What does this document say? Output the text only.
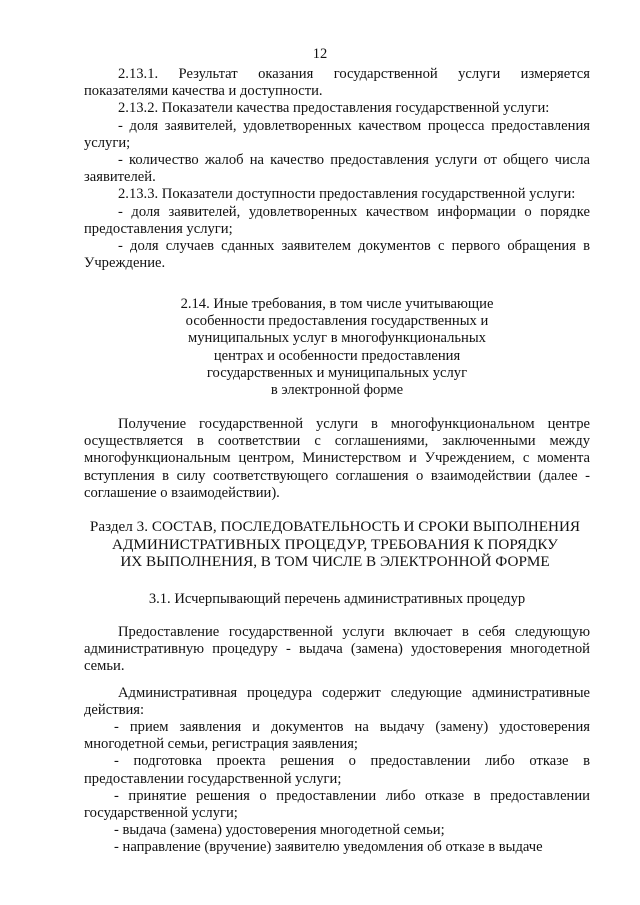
12

2.13.1. Результат оказания государственной услуги измеряется показателями качества и доступности.

2.13.2. Показатели качества предоставления государственной услуги:

- доля заявителей, удовлетворенных качеством процесса предоставления услуги;

- количество жалоб на качество предоставления услуги от общего числа заявителей.

2.13.3. Показатели доступности предоставления государственной услуги:

- доля заявителей, удовлетворенных качеством информации о порядке предоставления услуги;

- доля случаев сданных заявителем документов с первого обращения в Учреждение.

2.14. Иные требования, в том числе учитывающие

особенности предоставления государственных и

муниципальных услуг в многофункциональных

центрах и особенности предоставления

государственных и муниципальных услуг

в электронной форме

Получение государственной услуги в многофункциональном центре осуществляется в соответствии с соглашениями, заключенными между многофункциональным центром, Министерством и Учреждением, с момента вступления в силу соответствующего соглашения о взаимодействии (далее - соглашение о взаимодействии).

Раздел 3. СОСТАВ, ПОСЛЕДОВАТЕЛЬНОСТЬ И СРОКИ ВЫПОЛНЕНИЯ

АДМИНИСТРАТИВНЫХ ПРОЦЕДУР, ТРЕБОВАНИЯ К ПОРЯДКУ

ИХ ВЫПОЛНЕНИЯ, В ТОМ ЧИСЛЕ В ЭЛЕКТРОННОЙ ФОРМЕ

3.1. Исчерпывающий перечень административных процедур

Предоставление государственной услуги включает в себя следующую административную процедуру - выдача (замена) удостоверения многодетной семьи.

Административная процедура содержит следующие административные действия:

- прием заявления и документов на выдачу (замену) удостоверения многодетной семьи, регистрация заявления;

- подготовка проекта решения о предоставлении либо отказе в предоставлении государственной услуги;

- принятие решения о предоставлении либо отказе в предоставлении государственной услуги;

- выдача (замена) удостоверения многодетной семьи;

- направление (вручение) заявителю уведомления об отказе в выдаче
